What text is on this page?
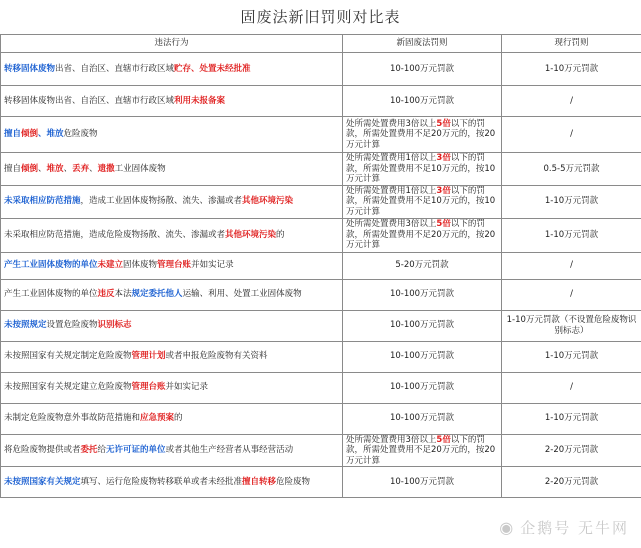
固废法新旧罚则对比表
违法行为	新固废法罚则	现行罚则
转移固体废物出省、自治区、直辖市行政区域贮存、处置未经批准	10-100万元罚款	1-10万元罚款
转移固体废物出省、自治区、直辖市行政区域利用未报备案	10-100万元罚款	/
擅自倾倒、堆放危险废物	处所需处置费用3倍以上5倍以下的罚款，所需处置费用不足20万元的，按20万元计算	/
擅自倾倒、堆放、丢弃、遗撒工业固体废物	处所需处置费用1倍以上3倍以下的罚款，所需处置费用不足10万元的，按10万元计算	0.5-5万元罚款
未采取相应防范措施，造成工业固体废物扬散、流失、渗漏或者其他环境污染	处所需处置费用1倍以上3倍以下的罚款，所需处置费用不足10万元的，按10万元计算	1-10万元罚款
未采取相应防范措施，造成危险废物扬散、流失、渗漏或者其他环境污染的	处所需处置费用3倍以上5倍以下的罚款，所需处置费用不足20万元的，按20万元计算	1-10万元罚款
产生工业固体废物的单位未建立固体废物管理台账并如实记录	5-20万元罚款	/
产生工业固体废物的单位违反本法规定委托他人运输、利用、处置工业固体废物	10-100万元罚款	/
未按照规定设置危险废物识别标志	10-100万元罚款	1-10万元罚款（不设置危险废物识别标志）
未按照国家有关规定制定危险废物管理计划或者申报危险废物有关资料	10-100万元罚款	1-10万元罚款
未按照国家有关规定建立危险废物管理台账并如实记录	10-100万元罚款	/
未制定危险废物意外事故防范措施和应急预案的	10-100万元罚款	1-10万元罚款
将危险废物提供或者委托给无许可证的单位或者其他生产经营者从事经营活动	处所需处置费用3倍以上5倍以下的罚款，所需处置费用不足20万元的，按20万元计算	2-20万元罚款
未按照国家有关规定填写、运行危险废物转移联单或者未经批准擅自转移危险废物	10-100万元罚款	2-20万元罚款
◉ 企鹅号 无牛网
